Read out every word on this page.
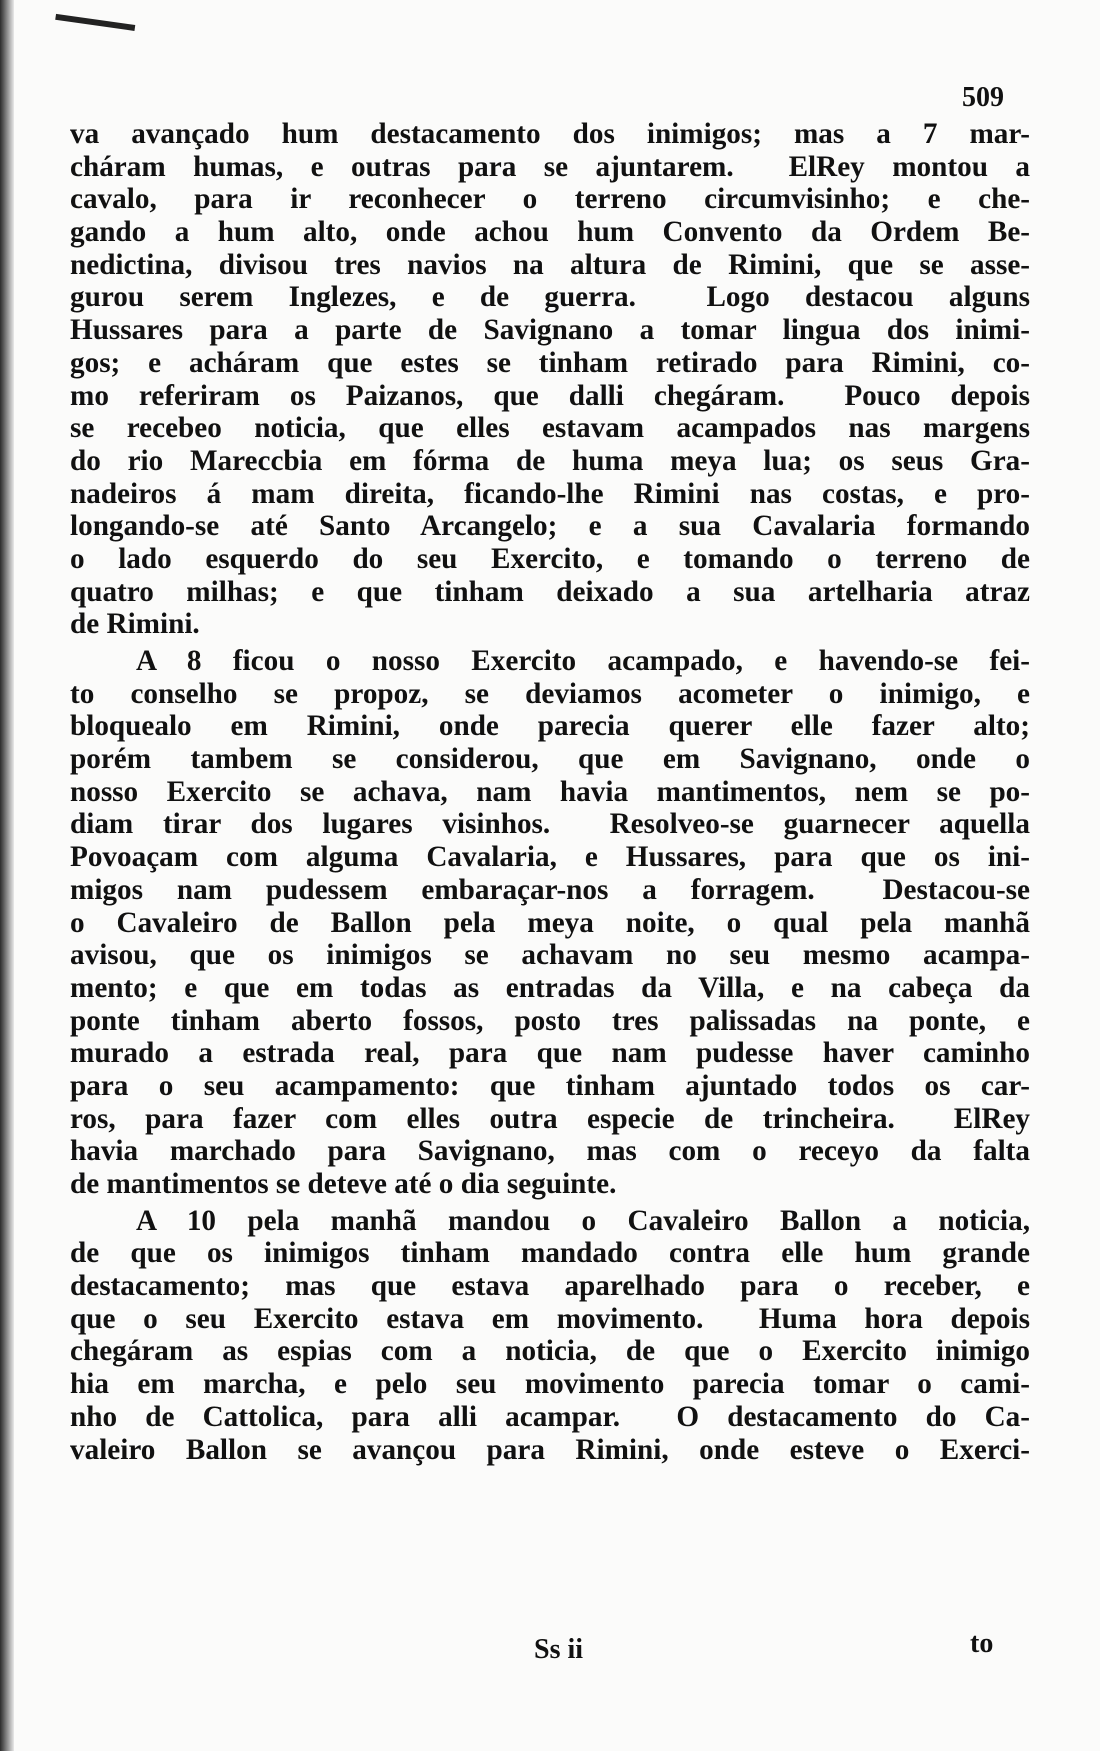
509
va avançado hum destacamento dos inimigos; mas a 7 mar-
cháram humas, e outras para se ajuntarem.  ElRey montou a
cavalo, para ir reconhecer o terreno circumvisinho; e che-
gando a hum alto, onde achou hum Convento da Ordem Be-
nedictina, divisou tres navios na altura de Rimini, que se asse-
gurou serem Inglezes, e de guerra.  Logo destacou alguns
Hussares para a parte de Savignano a tomar lingua dos inimi-
gos; e acháram que estes se tinham retirado para Rimini, co-
mo referiram os Paizanos, que dalli chegáram.  Pouco depois
se recebeo noticia, que elles estavam acampados nas margens
do rio Mareccbia em fórma de huma meya lua; os seus Gra-
nadeiros á mam direita, ficando-lhe Rimini nas costas, e pro-
longando-se até Santo Arcangelo; e a sua Cavalaria formando
o lado esquerdo do seu Exercito, e tomando o terreno de
quatro milhas; e que tinham deixado a sua artelharia atraz
de Rimini.
A 8 ficou o nosso Exercito acampado, e havendo-se fei-
to conselho se propoz, se deviamos acometer o inimigo, e
bloquealo em Rimini, onde parecia querer elle fazer alto;
porém tambem se considerou, que em Savignano, onde o
nosso Exercito se achava, nam havia mantimentos, nem se po-
diam tirar dos lugares visinhos.  Resolveo-se guarnecer aquella
Povoaçam com alguma Cavalaria, e Hussares, para que os ini-
migos nam pudessem embaraçar-nos a forragem.  Destacou-se
o Cavaleiro de Ballon pela meya noite, o qual pela manhã
avisou, que os inimigos se achavam no seu mesmo acampa-
mento; e que em todas as entradas da Villa, e na cabeça da
ponte tinham aberto fossos, posto tres palissadas na ponte, e
murado a estrada real, para que nam pudesse haver caminho
para o seu acampamento: que tinham ajuntado todos os car-
ros, para fazer com elles outra especie de trincheira.  ElRey
havia marchado para Savignano, mas com o receyo da falta
de mantimentos se deteve até o dia seguinte.
A 10 pela manhã mandou o Cavaleiro Ballon a noticia,
de que os inimigos tinham mandado contra elle hum grande
destacamento; mas que estava aparelhado para o receber, e
que o seu Exercito estava em movimento.  Huma hora depois
chegáram as espias com a noticia, de que o Exercito inimigo
hia em marcha, e pelo seu movimento parecia tomar o cami-
nho de Cattolica, para alli acampar.  O destacamento do Ca-
valeiro Ballon se avançou para Rimini, onde esteve o Exerci-
Ss ii	to
